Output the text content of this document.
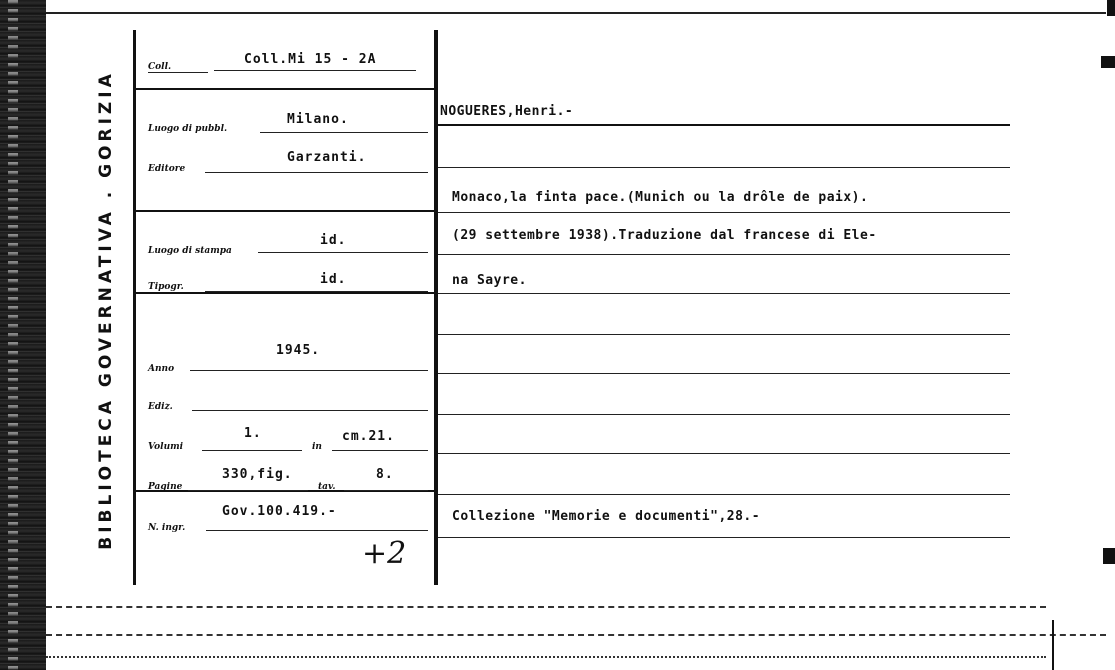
BIBLIOTECA GOVERNATIVA . GORIZIA
Coll.	Coll.Mi 15 - 2A
Luogo di pubbl.
Milano.
Editore
Garzanti.
Luogo di stampa
id.
Tipogr.	id.
Anno
1945.
Ediz.
Volumi
1.
in
cm.21.
Pagine
330,fig.
tav.
8.
N. ingr.
Gov.100.419.-
+2
NOGUERES,Henri.-
Monaco,la finta pace.(Munich ou la drôle de paix).
(29 settembre 1938).Traduzione dal francese di Ele-
na Sayre.
Collezione "Memorie e documenti",28.-
